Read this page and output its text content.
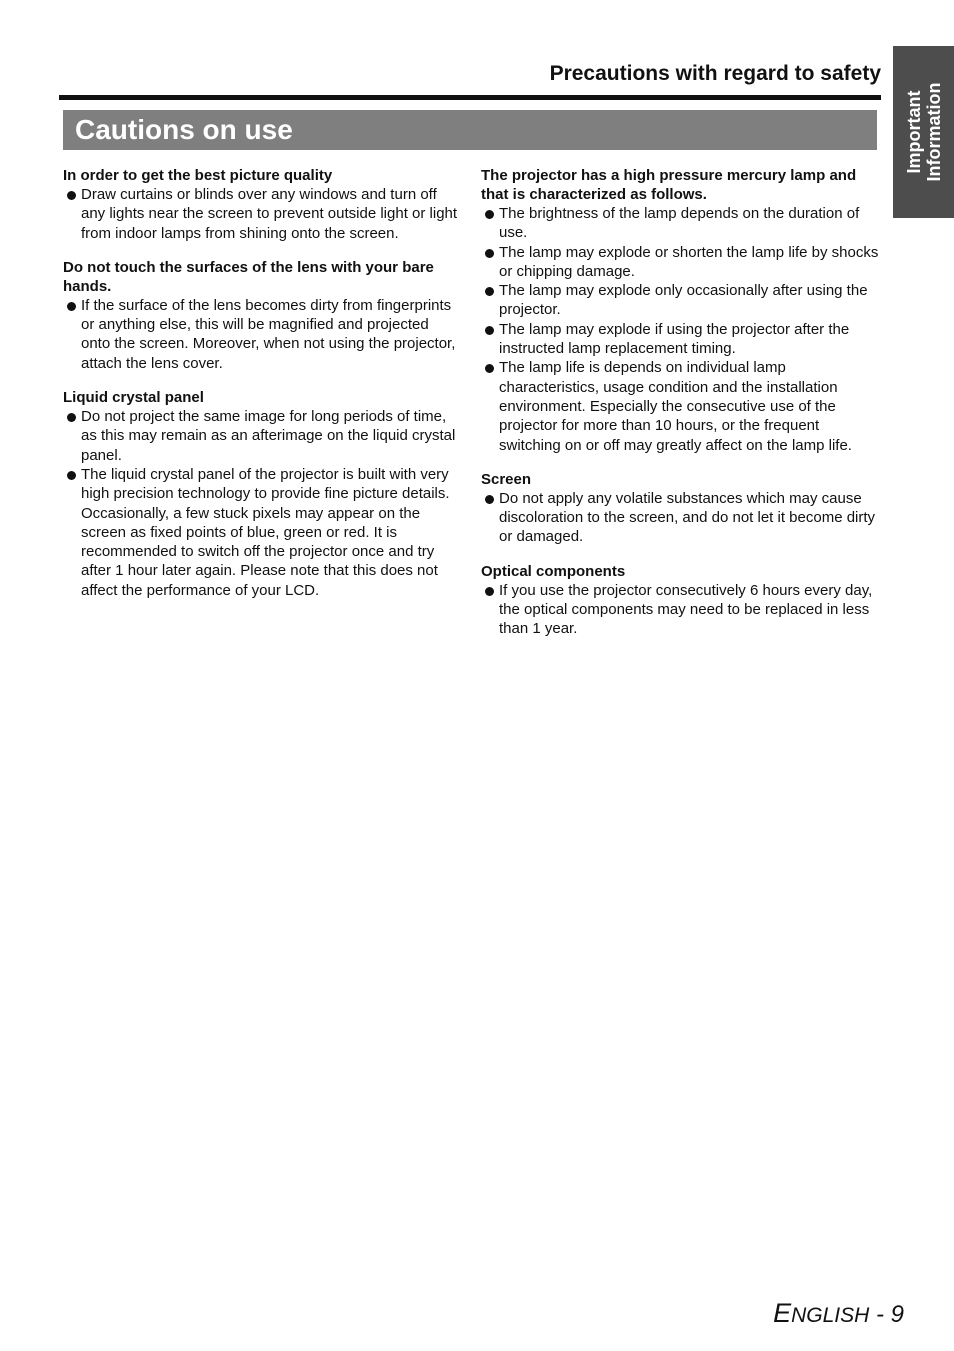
Important Information
Precautions with regard to safety
Cautions on use

In order to get the best picture quality

Draw curtains or blinds over any windows and turn off any lights near the screen to prevent outside light or light from indoor lamps from shining onto the screen.

Do not touch the surfaces of the lens with your bare hands.

If the surface of the lens becomes dirty from fingerprints or anything else, this will be magnified and projected onto the screen. Moreover, when not using the projector, attach the lens cover.

Liquid crystal panel

Do not project the same image for long periods of time, as this may remain as an afterimage on the liquid crystal panel.
The liquid crystal panel of the projector is built with very high precision technology to provide fine picture details. Occasionally, a few stuck pixels may appear on the screen as fixed points of blue, green or red. It is recommended to switch off the projector once and try after 1 hour later again. Please note that this does not affect the performance of your LCD.

The projector has a high pressure mercury lamp and that is characterized as follows.

The brightness of the lamp depends on the duration of use.
The lamp may explode or shorten the lamp life by shocks or chipping damage.
The lamp may explode only occasionally after using the projector.
The lamp may explode if using the projector after the instructed lamp replacement timing.
The lamp life is depends on individual lamp characteristics, usage condition and the installation environment. Especially the consecutive use of the projector for more than 10 hours, or the frequent switching on or off may greatly affect on the lamp life.

Screen

Do not apply any volatile substances which may cause discoloration to the screen, and do not let it become dirty or damaged.

Optical components

If you use the projector consecutively 6 hours every day, the optical components may need to be replaced in less than 1 year.
ENGLISH - 9
